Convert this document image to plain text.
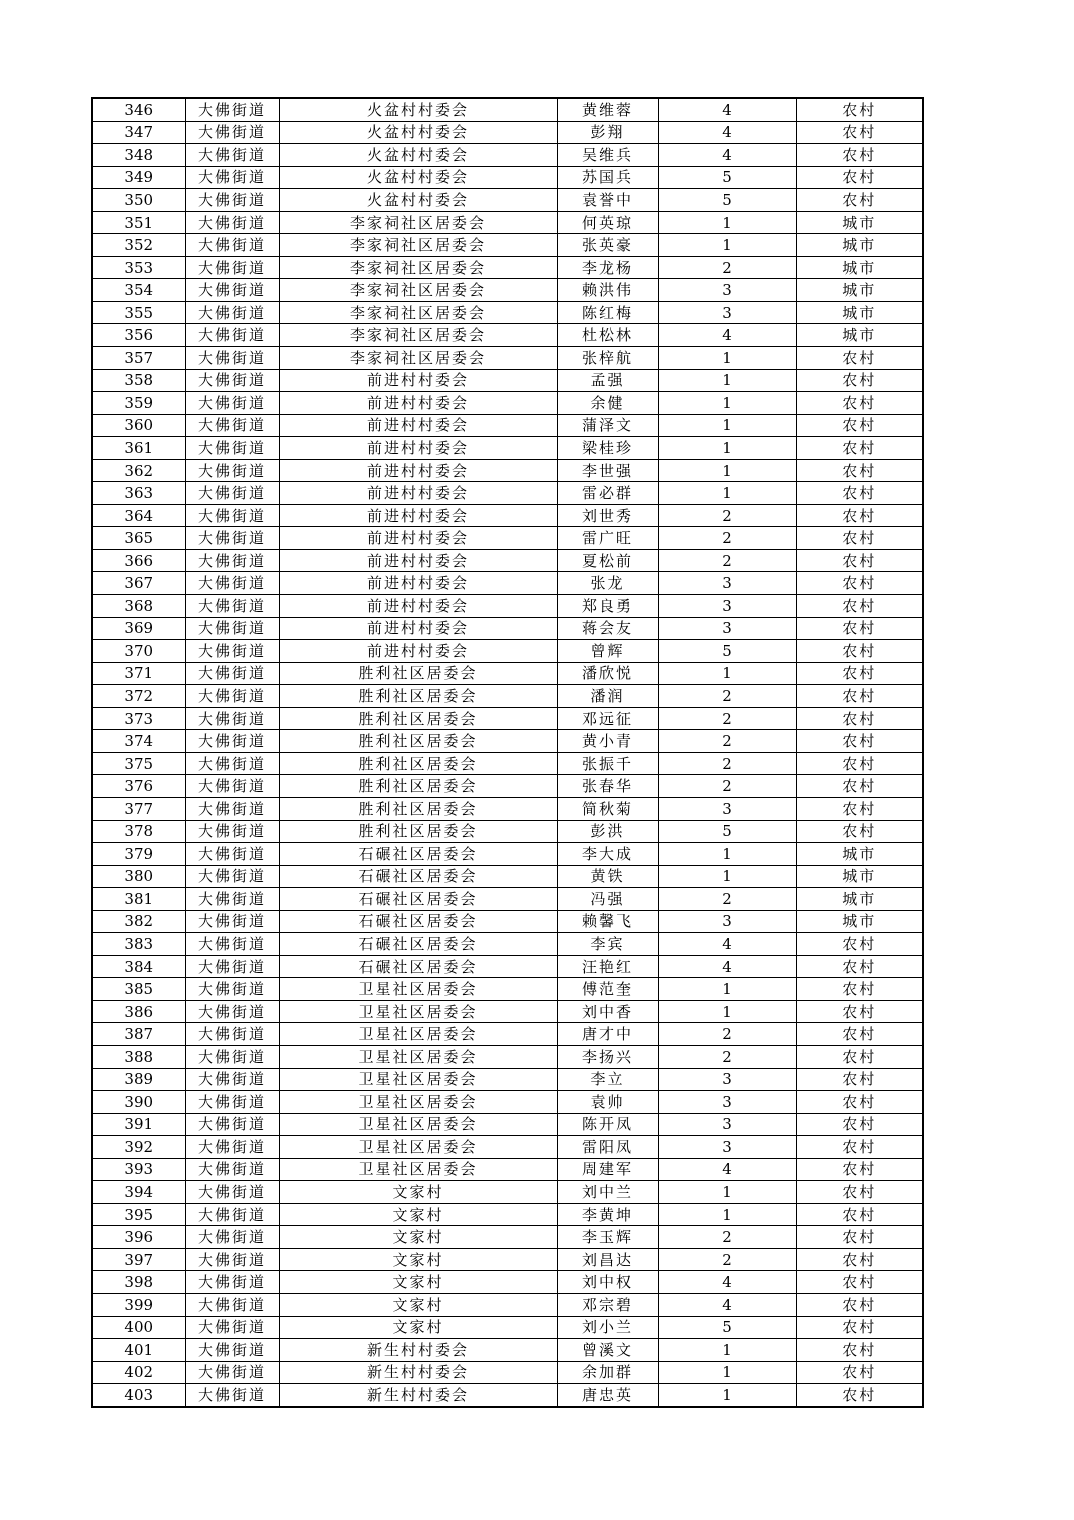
346	大佛街道	火盆村村委会	黄维蓉	4	农村
347	大佛街道	火盆村村委会	彭翔	4	农村
348	大佛街道	火盆村村委会	吴维兵	4	农村
349	大佛街道	火盆村村委会	苏国兵	5	农村
350	大佛街道	火盆村村委会	袁誉中	5	农村
351	大佛街道	李家祠社区居委会	何英琼	1	城市
352	大佛街道	李家祠社区居委会	张英豪	1	城市
353	大佛街道	李家祠社区居委会	李龙杨	2	城市
354	大佛街道	李家祠社区居委会	赖洪伟	3	城市
355	大佛街道	李家祠社区居委会	陈红梅	3	城市
356	大佛街道	李家祠社区居委会	杜松林	4	城市
357	大佛街道	李家祠社区居委会	张梓航	1	农村
358	大佛街道	前进村村委会	孟强	1	农村
359	大佛街道	前进村村委会	余健	1	农村
360	大佛街道	前进村村委会	蒲泽文	1	农村
361	大佛街道	前进村村委会	梁桂珍	1	农村
362	大佛街道	前进村村委会	李世强	1	农村
363	大佛街道	前进村村委会	雷必群	1	农村
364	大佛街道	前进村村委会	刘世秀	2	农村
365	大佛街道	前进村村委会	雷广旺	2	农村
366	大佛街道	前进村村委会	夏松前	2	农村
367	大佛街道	前进村村委会	张龙	3	农村
368	大佛街道	前进村村委会	郑良勇	3	农村
369	大佛街道	前进村村委会	蒋会友	3	农村
370	大佛街道	前进村村委会	曾辉	5	农村
371	大佛街道	胜利社区居委会	潘欣悦	1	农村
372	大佛街道	胜利社区居委会	潘润	2	农村
373	大佛街道	胜利社区居委会	邓远征	2	农村
374	大佛街道	胜利社区居委会	黄小青	2	农村
375	大佛街道	胜利社区居委会	张振千	2	农村
376	大佛街道	胜利社区居委会	张春华	2	农村
377	大佛街道	胜利社区居委会	简秋菊	3	农村
378	大佛街道	胜利社区居委会	彭洪	5	农村
379	大佛街道	石碾社区居委会	李大成	1	城市
380	大佛街道	石碾社区居委会	黄铁	1	城市
381	大佛街道	石碾社区居委会	冯强	2	城市
382	大佛街道	石碾社区居委会	赖馨飞	3	城市
383	大佛街道	石碾社区居委会	李宾	4	农村
384	大佛街道	石碾社区居委会	汪艳红	4	农村
385	大佛街道	卫星社区居委会	傅范奎	1	农村
386	大佛街道	卫星社区居委会	刘中香	1	农村
387	大佛街道	卫星社区居委会	唐才中	2	农村
388	大佛街道	卫星社区居委会	李扬兴	2	农村
389	大佛街道	卫星社区居委会	李立	3	农村
390	大佛街道	卫星社区居委会	袁帅	3	农村
391	大佛街道	卫星社区居委会	陈开凤	3	农村
392	大佛街道	卫星社区居委会	雷阳凤	3	农村
393	大佛街道	卫星社区居委会	周建军	4	农村
394	大佛街道	文家村	刘中兰	1	农村
395	大佛街道	文家村	李黄坤	1	农村
396	大佛街道	文家村	李玉辉	2	农村
397	大佛街道	文家村	刘昌达	2	农村
398	大佛街道	文家村	刘中权	4	农村
399	大佛街道	文家村	邓宗碧	4	农村
400	大佛街道	文家村	刘小兰	5	农村
401	大佛街道	新生村村委会	曾溪文	1	农村
402	大佛街道	新生村村委会	余加群	1	农村
403	大佛街道	新生村村委会	唐忠英	1	农村
